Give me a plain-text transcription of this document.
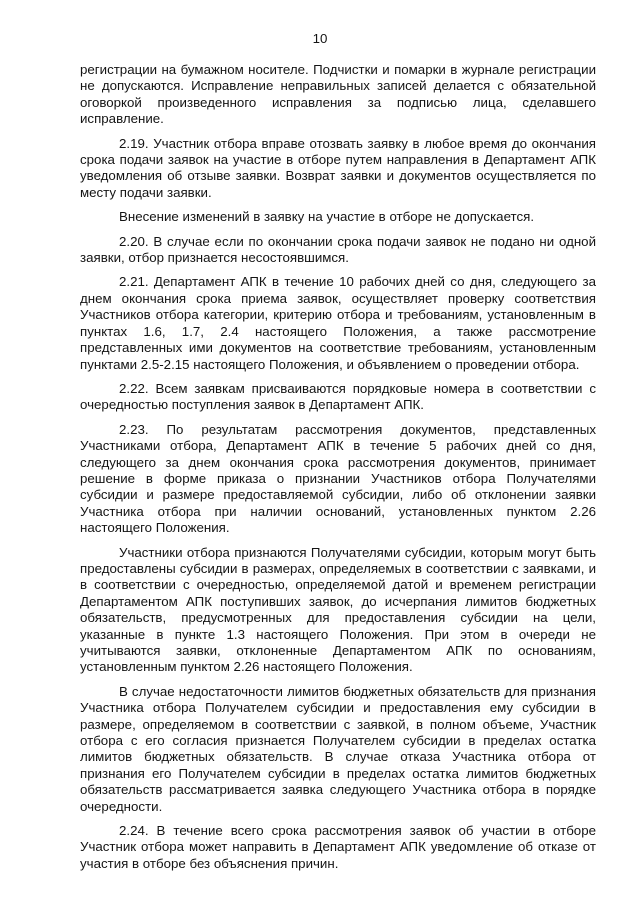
10

регистрации на бумажном носителе. Подчистки и помарки в журнале регистрации не допускаются. Исправление неправильных записей делается с обязательной оговоркой произведенного исправления за подписью лица, сделавшего исправление.

2.19. Участник отбора вправе отозвать заявку в любое время до окончания срока подачи заявок на участие в отборе путем направления в Департамент АПК уведомления об отзыве заявки. Возврат заявки и документов осуществляется по месту подачи заявки.

Внесение изменений в заявку на участие в отборе не допускается.

2.20. В случае если по окончании срока подачи заявок не подано ни одной заявки, отбор признается несостоявшимся.

2.21. Департамент АПК в течение 10 рабочих дней со дня, следующего за днем окончания срока приема заявок, осуществляет проверку соответствия Участников отбора категории, критерию отбора и требованиям, установленным в пунктах 1.6, 1.7, 2.4 настоящего Положения, а также рассмотрение представленных ими документов на соответствие требованиям, установленным пунктами 2.5-2.15 настоящего Положения, и объявлением о проведении отбора.

2.22. Всем заявкам присваиваются порядковые номера в соответствии с очередностью поступления заявок в Департамент АПК.

2.23. По результатам рассмотрения документов, представленных Участниками отбора, Департамент АПК в течение 5 рабочих дней со дня, следующего за днем окончания срока рассмотрения документов, принимает решение в форме приказа о признании Участников отбора Получателями субсидии и размере предоставляемой субсидии, либо об отклонении заявки Участника отбора при наличии оснований, установленных пунктом 2.26 настоящего Положения.

Участники отбора признаются Получателями субсидии, которым могут быть предоставлены субсидии в размерах, определяемых в соответствии с заявками, и в соответствии с очередностью, определяемой датой и временем регистрации Департаментом АПК поступивших заявок, до исчерпания лимитов бюджетных обязательств, предусмотренных для предоставления субсидии на цели, указанные в пункте 1.3 настоящего Положения. При этом в очереди не учитываются заявки, отклоненные Департаментом АПК по основаниям, установленным пунктом 2.26 настоящего Положения.

В случае недостаточности лимитов бюджетных обязательств для признания Участника отбора Получателем субсидии и предоставления ему субсидии в размере, определяемом в соответствии с заявкой, в полном объеме, Участник отбора с его согласия признается Получателем субсидии в пределах остатка лимитов бюджетных обязательств. В случае отказа Участника отбора от признания его Получателем субсидии в пределах остатка лимитов бюджетных обязательств рассматривается заявка следующего Участника отбора в порядке очередности.

2.24. В течение всего срока рассмотрения заявок об участии в отборе Участник отбора может направить в Департамент АПК уведомление об отказе от участия в отборе без объяснения причин.
